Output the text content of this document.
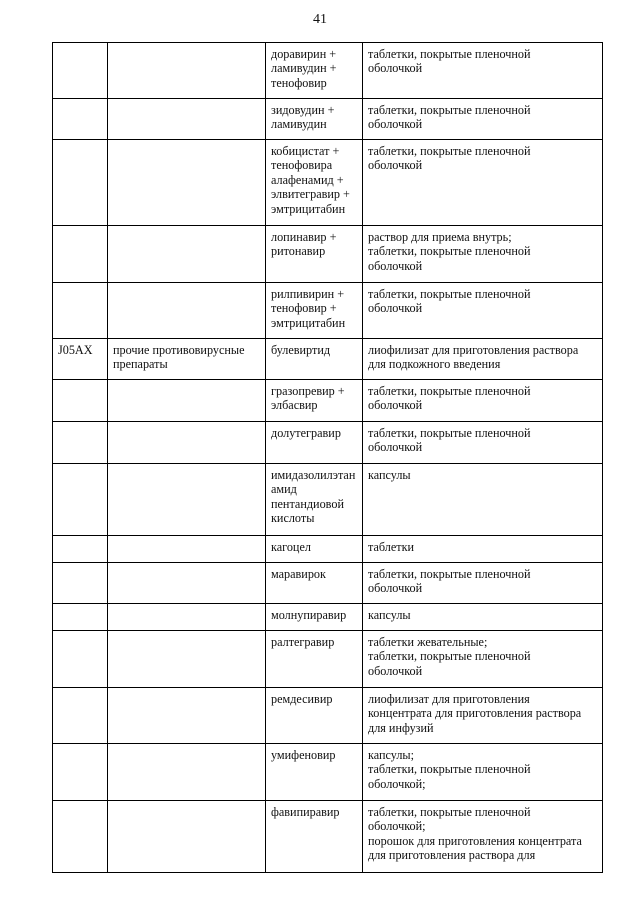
41
		доравирин +
ламивудин +
тенофовир	таблетки, покрытые пленочной
оболочкой
		зидовудин +
ламивудин	таблетки, покрытые пленочной
оболочкой
		кобицистат +
тенофовира
алафенамид +
элвитегравир +
эмтрицитабин	таблетки, покрытые пленочной
оболочкой
		лопинавир +
ритонавир	раствор для приема внутрь;
таблетки, покрытые пленочной
оболочкой
		рилпивирин +
тенофовир +
эмтрицитабин	таблетки, покрытые пленочной
оболочкой
J05AX	прочие противовирусные
препараты	булевиртид	лиофилизат для приготовления раствора
для подкожного введения
		гразопревир +
элбасвир	таблетки, покрытые пленочной
оболочкой
		долутегравир	таблетки, покрытые пленочной
оболочкой
		имидазолилэтан
амид
пентандиовой
кислоты	капсулы
		кагоцел	таблетки
		маравирок	таблетки, покрытые пленочной
оболочкой
		молнупиравир	капсулы
		ралтегравир	таблетки жевательные;
таблетки, покрытые пленочной
оболочкой
		ремдесивир	лиофилизат для приготовления
концентрата для приготовления раствора
для инфузий
		умифеновир	капсулы;
таблетки, покрытые пленочной
оболочкой;
		фавипиравир	таблетки, покрытые пленочной
оболочкой;
порошок для приготовления концентрата
для приготовления раствора для
